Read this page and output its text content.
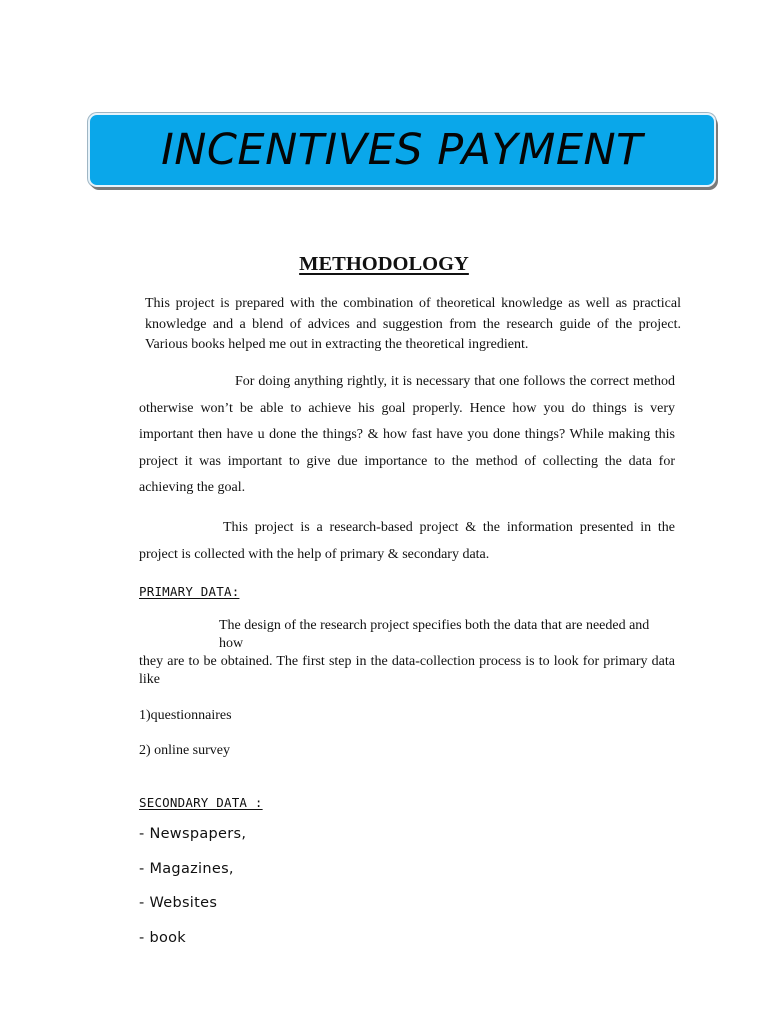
INCENTIVES PAYMENT
METHODOLOGY

This project is prepared with the combination of theoretical knowledge as well as practical knowledge and a blend of advices and suggestion from the research guide of the project. Various books helped me out in extracting the theoretical ingredient.

For doing anything rightly, it is necessary that one follows the correct method otherwise won’t be able to achieve his goal properly. Hence how you do things is very important then have u done the things? & how fast have you done things? While making this project it was important to give due importance to the method of collecting the data for achieving the goal.

This project is a research-based project & the information presented in the project is collected with the help of primary & secondary data.

PRIMARY DATA:
The design of the research project specifies both the data that are needed and how
they are to be obtained. The first step in the data-collection process is to look for primary data like
1)questionnaires
2) online survey
SECONDARY DATA :
- Newspapers,
- Magazines,
- Websites
- book
